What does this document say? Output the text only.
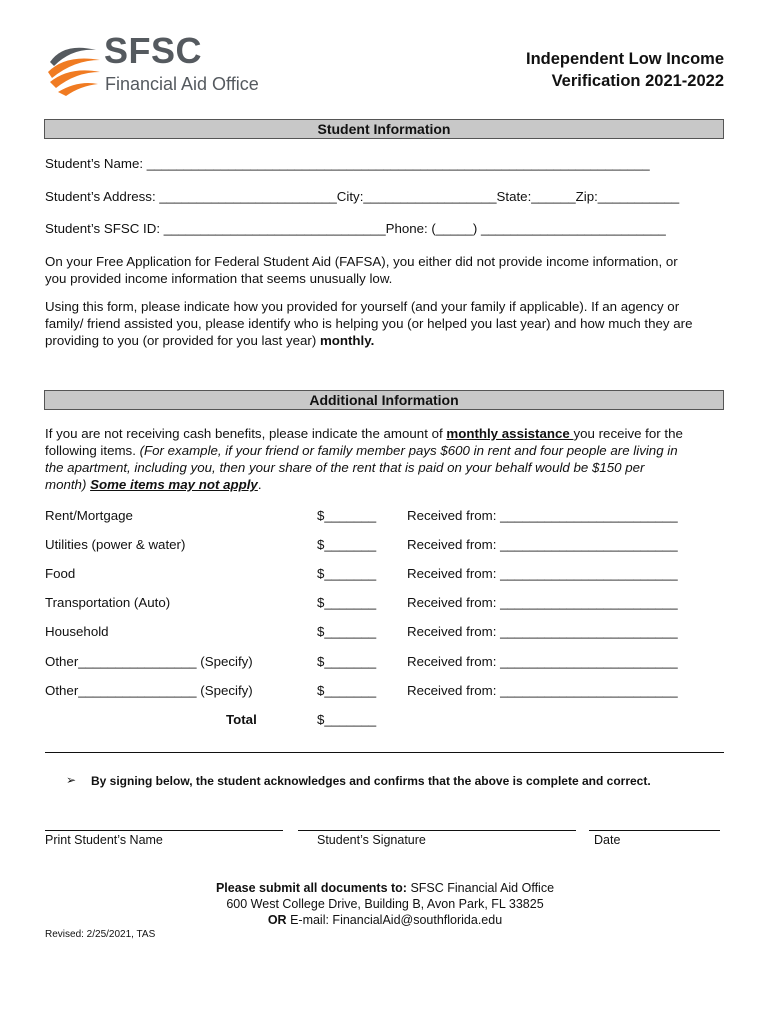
SFSC
Financial Aid Office
Independent Low Income
Verification 2021-2022
Student Information
Student’s Name: ____________________________________________________________________
Student’s Address: ________________________City:__________________State:______Zip:___________
Student’s SFSC ID: ______________________________Phone: (_____) _________________________
On your Free Application for Federal Student Aid (FAFSA), you either did not provide income information, or
you provided income information that seems unusually low.
Using this form, please indicate how you provided for yourself (and your family if applicable). If an agency or
family/ friend assisted you, please identify who is helping you (or helped you last year) and how much they are
providing to you (or provided for you last year) monthly.
Additional Information
If you are not receiving cash benefits, please indicate the amount of monthly assistance you receive for the
following items. (For example, if your friend or family member pays $600 in rent and four people are living in
the apartment, including you, then your share of the rent that is paid on your behalf would be $150 per
month) Some items may not apply.
Rent/Mortgage	$_______ Received from: ________________________
Utilities (power & water)	$_______ Received from: ________________________
Food	$_______ Received from: ________________________
Transportation (Auto)	$_______ Received from: ________________________
Household	$_______ Received from: ________________________
Other________________ (Specify)	$_______ Received from: ________________________
Other________________ (Specify)	$_______ Received from: ________________________
Total	$_______
➢ By signing below, the student acknowledges and confirms that the above is complete and correct.
Print Student’s Name	Student’s Signature	Date
Please submit all documents to: SFSC Financial Aid Office
600 West College Drive, Building B, Avon Park, FL 33825
OR E-mail: FinancialAid@southflorida.edu
Revised: 2/25/2021, TAS
